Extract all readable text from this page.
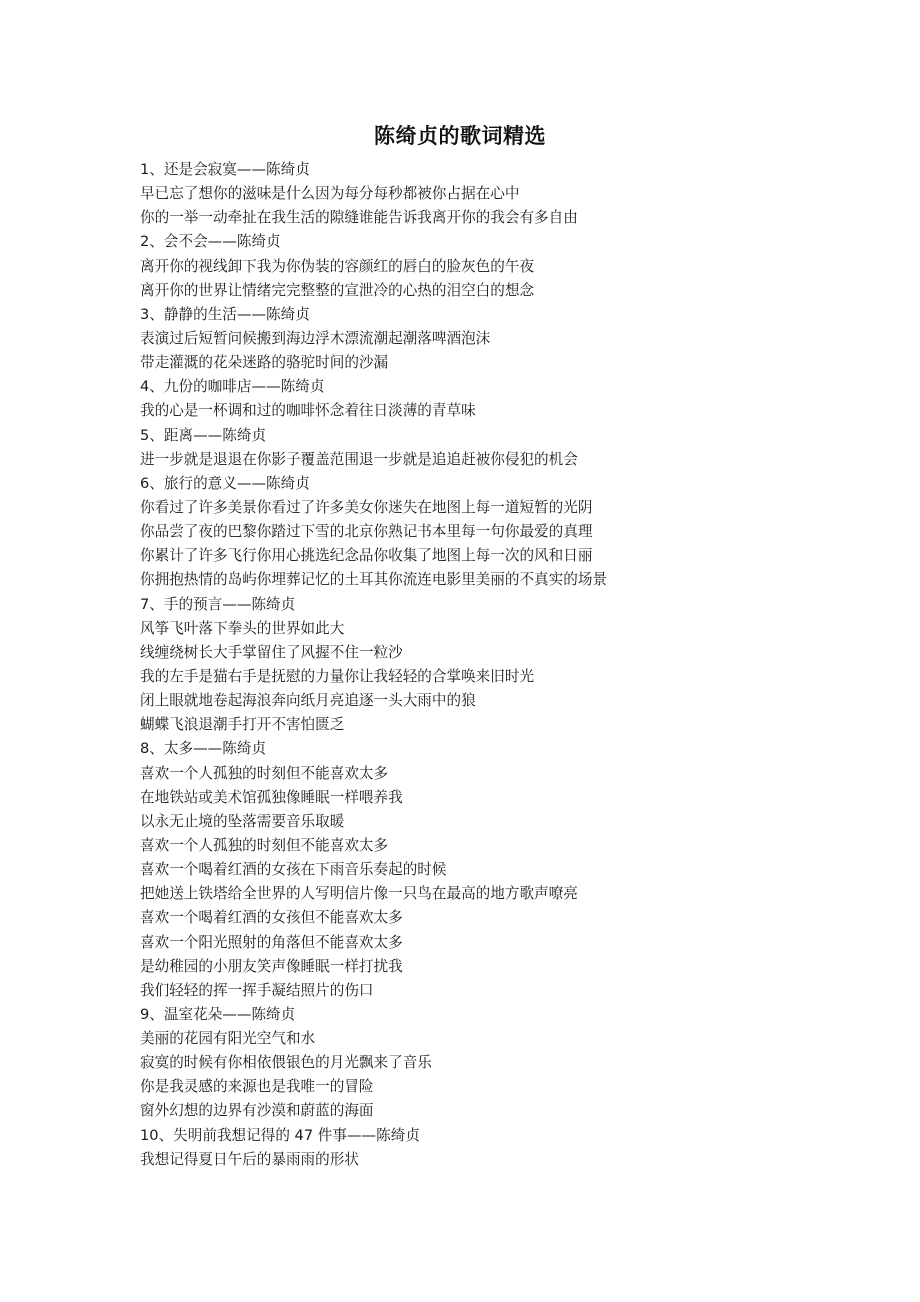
陈绮贞的歌词精选
1、还是会寂寞——陈绮贞
早已忘了想你的滋味是什么因为每分每秒都被你占据在心中
你的一举一动牵扯在我生活的隙缝谁能告诉我离开你的我会有多自由
2、会不会——陈绮贞
离开你的视线卸下我为你伪装的容颜红的唇白的脸灰色的午夜
离开你的世界让情绪完完整整的宣泄冷的心热的泪空白的想念
3、静静的生活——陈绮贞
表演过后短暂问候搬到海边浮木漂流潮起潮落啤酒泡沫
带走灌溉的花朵迷路的骆驼时间的沙漏
4、九份的咖啡店——陈绮贞
我的心是一杯调和过的咖啡怀念着往日淡薄的青草味
5、距离——陈绮贞
进一步就是退退在你影子覆盖范围退一步就是追追赶被你侵犯的机会
6、旅行的意义——陈绮贞
你看过了许多美景你看过了许多美女你迷失在地图上每一道短暂的光阴
你品尝了夜的巴黎你踏过下雪的北京你熟记书本里每一句你最爱的真理
你累计了许多飞行你用心挑选纪念品你收集了地图上每一次的风和日丽
你拥抱热情的岛屿你埋葬记忆的土耳其你流连电影里美丽的不真实的场景
7、手的预言——陈绮贞
风筝飞叶落下拳头的世界如此大
线缠绕树长大手掌留住了风握不住一粒沙
我的左手是猫右手是抚慰的力量你让我轻轻的合掌唤来旧时光
闭上眼就地卷起海浪奔向纸月亮追逐一头大雨中的狼
蝴蝶飞浪退潮手打开不害怕匮乏
8、太多——陈绮贞
喜欢一个人孤独的时刻但不能喜欢太多
在地铁站或美术馆孤独像睡眠一样喂养我
以永无止境的坠落需要音乐取暖
喜欢一个人孤独的时刻但不能喜欢太多
喜欢一个喝着红酒的女孩在下雨音乐奏起的时候
把她送上铁塔给全世界的人写明信片像一只鸟在最高的地方歌声嘹亮
喜欢一个喝着红酒的女孩但不能喜欢太多
喜欢一个阳光照射的角落但不能喜欢太多
是幼稚园的小朋友笑声像睡眠一样打扰我
我们轻轻的挥一挥手凝结照片的伤口
9、温室花朵——陈绮贞
美丽的花园有阳光空气和水
寂寞的时候有你相依偎银色的月光飘来了音乐
你是我灵感的来源也是我唯一的冒险
窗外幻想的边界有沙漠和蔚蓝的海面
10、失明前我想记得的 47 件事——陈绮贞
我想记得夏日午后的暴雨雨的形状
